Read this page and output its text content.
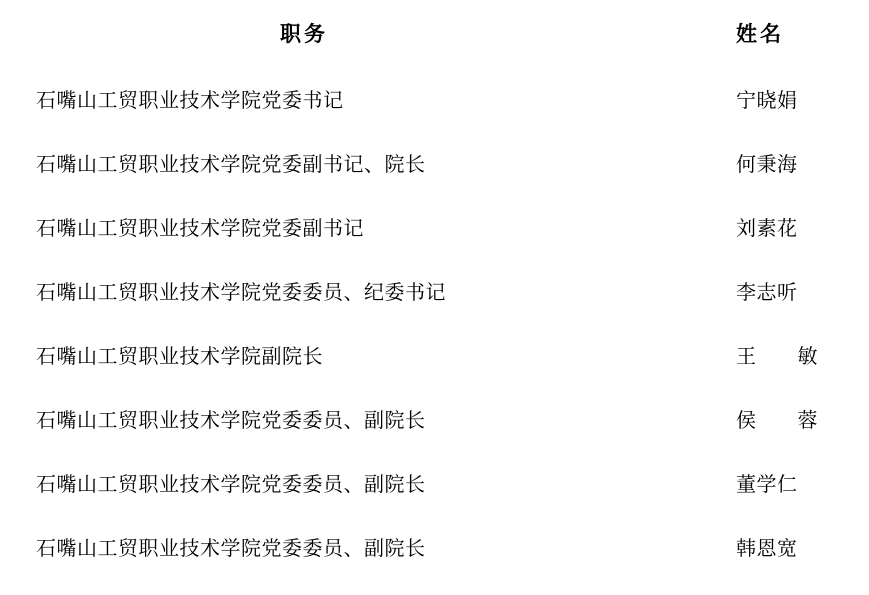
职务	姓名
石嘴山工贸职业技术学院党委书记	宁晓娟
石嘴山工贸职业技术学院党委副书记、院长	何秉海
石嘴山工贸职业技术学院党委副书记	刘素花
石嘴山工贸职业技术学院党委委员、纪委书记	李志听
石嘴山工贸职业技术学院副院长	王　　敏
石嘴山工贸职业技术学院党委委员、副院长	侯　　蓉
石嘴山工贸职业技术学院党委委员、副院长	董学仁
石嘴山工贸职业技术学院党委委员、副院长	韩恩宽
